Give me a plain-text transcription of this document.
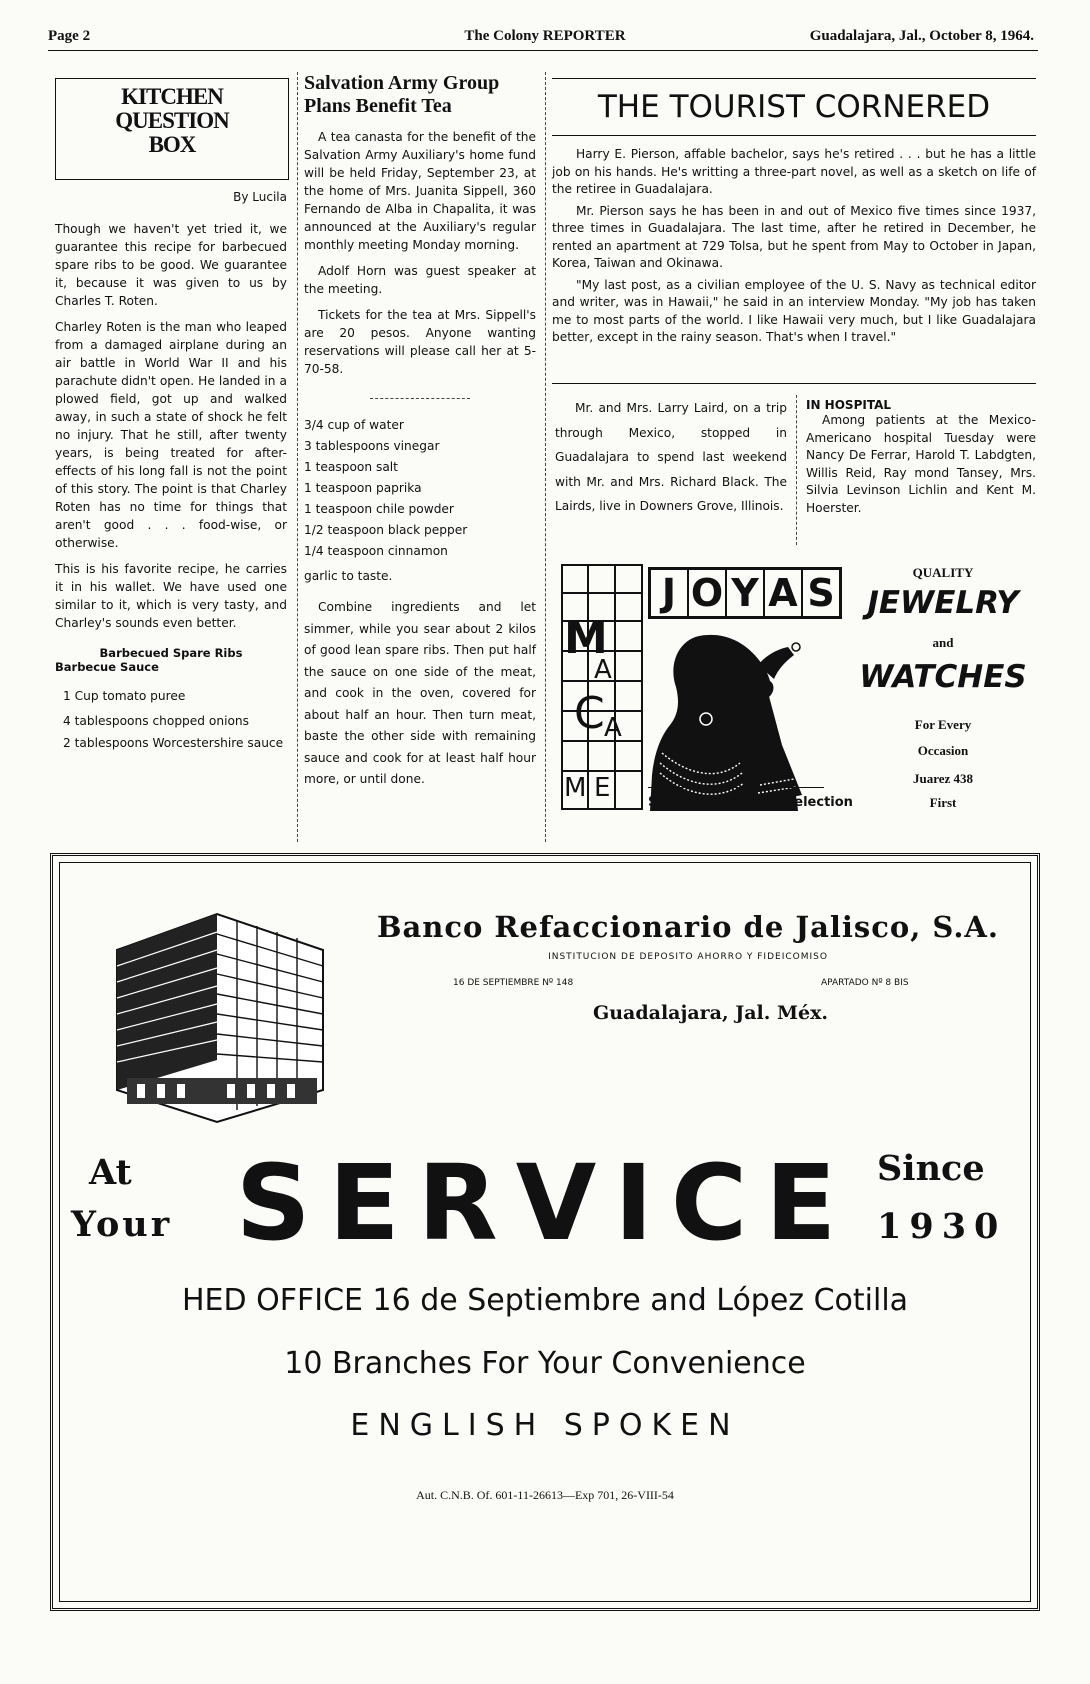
Page 2	The Colony REPORTER	Guadalajara, Jal., October 8, 1964.
KITCHEN
QUESTION
BOX
By Lucila

Though we haven't yet tried it, we guarantee this recipe for barbecued spare ribs to be good. We guarantee it, because it was given to us by Charles T. Roten.

Charley Roten is the man who leaped from a damaged airplane during an air battle in World War II and his parachute didn't open. He landed in a plowed field, got up and walked away, in such a state of shock he felt no injury. That he still, after twenty years, is being treated for after-effects of his long fall is not the point of this story. The point is that Charley Roten has no time for things that aren't good . . . food-wise, or otherwise.

This is his favorite recipe, he carries it in his wallet. We have used one similar to it, which is very tasty, and Charley's sounds even better.

Barbecued Spare Ribs
Barbecue Sauce
1 Cup tomato puree
4 tablespoons chopped onions
2 tablespoons Worcestershire sauce
Salvation Army Group Plans Benefit Tea

A tea canasta for the benefit of the Salvation Army Auxiliary's home fund will be held Friday, September 23, at the home of Mrs. Juanita Sippell, 360 Fernando de Alba in Chapalita, it was announced at the Auxiliary's regular monthly meeting Monday morning.

Adolf Horn was guest speaker at the meeting.

Tickets for the tea at Mrs. Sippell's are 20 pesos. Anyone wanting reservations will please call her at 5-70-58.

3/4 cup of water
3 tablespoons vinegar
1 teaspoon salt
1 teaspoon paprika
1 teaspoon chile powder
1/2 teaspoon black pepper
1/4 teaspoon cinnamon
garlic to taste.

Combine ingredients and let simmer, while you sear about 2 kilos of good lean spare ribs. Then put half the sauce on one side of the meat, and cook in the oven, covered for about half an hour. Then turn meat, baste the other side with remaining sauce and cook for at least half hour more, or until done.

THE TOURIST CORNERED

Harry E. Pierson, affable bachelor, says he's retired . . . but he has a little job on his hands. He's writting a three-part novel, as well as a sketch on life of the retiree in Guadalajara.

Mr. Pierson says he has been in and out of Mexico five times since 1937, three times in Guadalajara. The last time, after he retired in December, he rented an apartment at 729 Tolsa, but he spent from May to October in Japan, Korea, Taiwan and Okinawa.

"My last post, as a civilian employee of the U. S. Navy as technical editor and writer, was in Hawaii," he said in an interview Monday. "My job has taken me to most parts of the world. I like Hawaii very much, but I like Guadalajara better, except in the rainy season. That's when I travel."

Mr. and Mrs. Larry Laird, on a trip through Mexico, stopped in Guadalajara to spend last weekend with Mr. and Mrs. Richard Black. The Lairds, live in Downers Grove, Illinois.

IN HOSPITAL

Among patients at the Mexico-Americano hospital Tuesday were Nancy De Ferrar, Harold T. Labdgten, Willis Reid, Ray mond Tansey, Mrs. Silvia Levinson Lichlin and Kent M. Hoerster.

J O Y A S
M
A
C A
M E	See Our Complete Selection
QUALITY
JEWELRY
and
WATCHES
For Every
Occasion
Juarez 438
First
Banco Refaccionario de Jalisco, S.A.
INSTITUCION DE DEPOSITO AHORRO Y FIDEICOMISO
16 DE SEPTIEMBRE Nº 148	APARTADO Nº 8 BIS
Guadalajara, Jal. Méx.
At
Your SERVICE Since
1930
HED OFFICE 16 de Septiembre and López Cotilla
10 Branches For Your Convenience
ENGLISH SPOKEN
Aut. C.N.B. Of. 601-11-26613—Exp 701, 26-VIII-54
